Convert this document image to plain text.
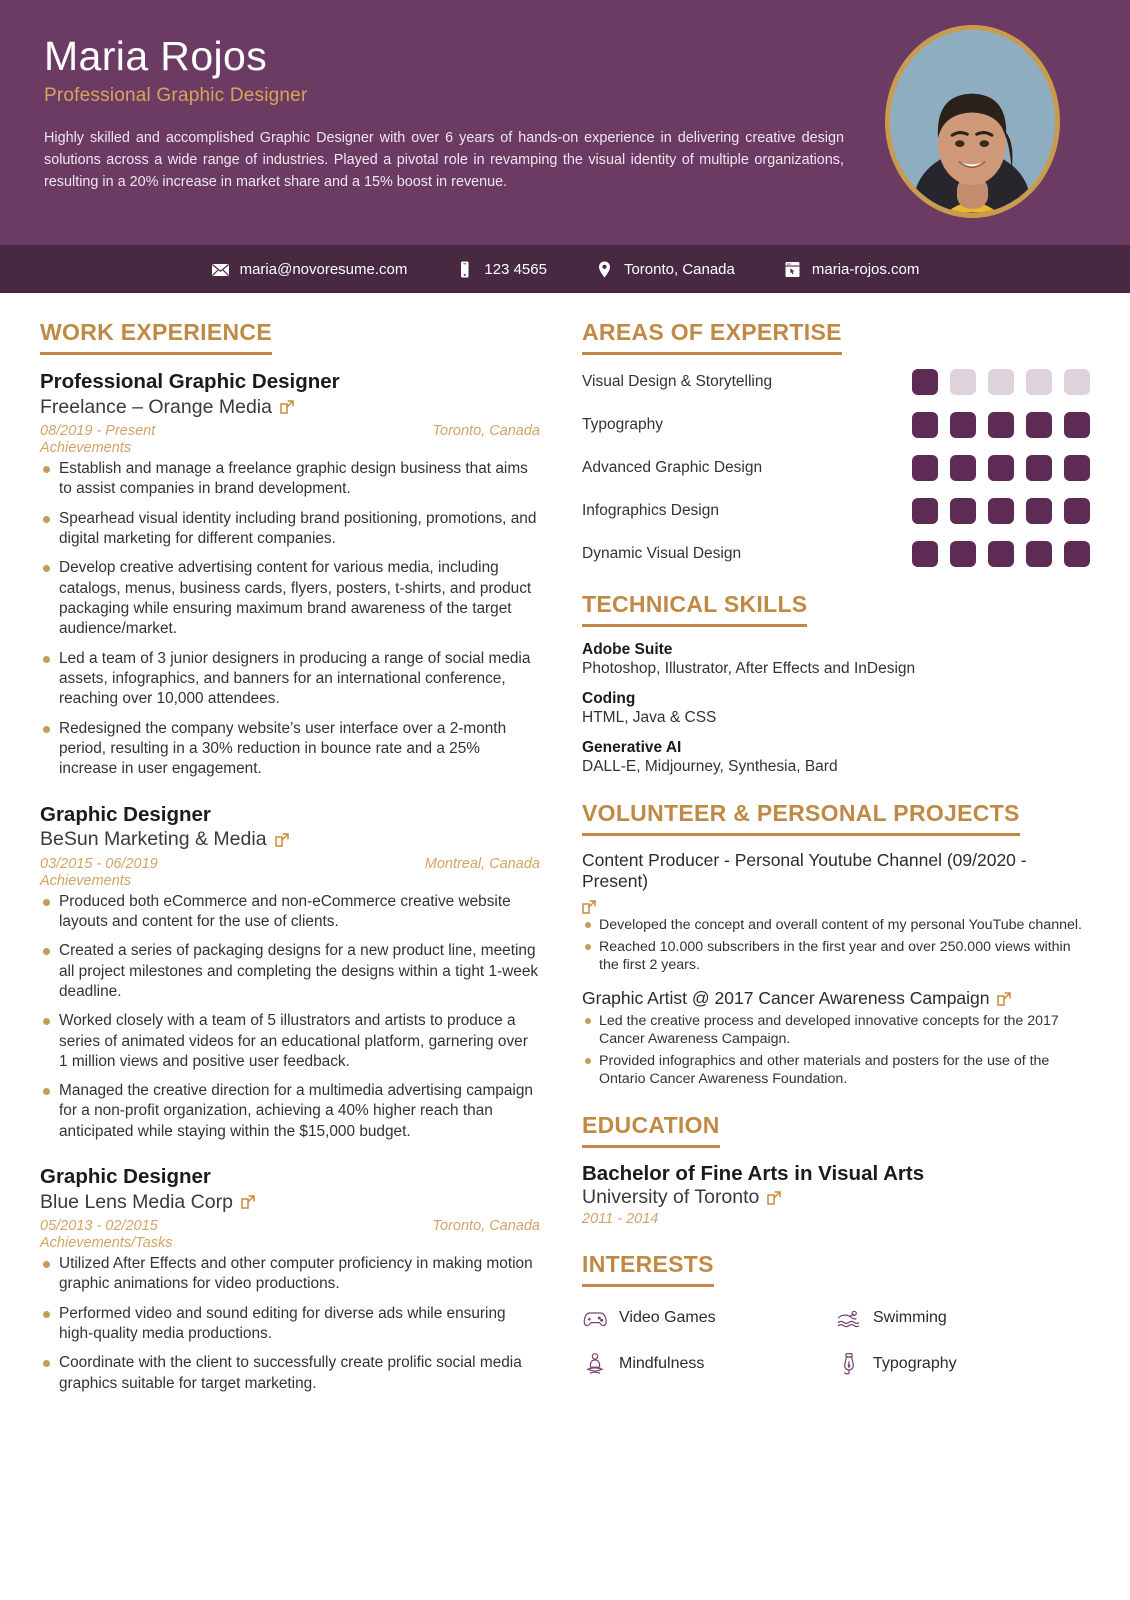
Maria Rojos
Professional Graphic Designer
Highly skilled and accomplished Graphic Designer with over 6 years of hands-on experience in delivering creative design solutions across a wide range of industries. Played a pivotal role in revamping the visual identity of multiple organizations, resulting in a 20% increase in market share and a 15% boost in revenue.
maria@novoresume.com	123 4565	Toronto, Canada	maria-rojos.com
WORK EXPERIENCE
Professional Graphic Designer
Freelance – Orange Media
08/2019 - Present	Toronto, Canada
Achievements
Establish and manage a freelance graphic design business that aims to assist companies in brand development.
Spearhead visual identity including brand positioning, promotions, and digital marketing for different companies.
Develop creative advertising content for various media, including catalogs, menus, business cards, flyers, posters, t-shirts, and product packaging while ensuring maximum brand awareness of the target audience/market.
Led a team of 3 junior designers in producing a range of social media assets, infographics, and banners for an international conference, reaching over 10,000 attendees.
Redesigned the company website’s user interface over a 2-month period, resulting in a 30% reduction in bounce rate and a 25% increase in user engagement.
Graphic Designer
BeSun Marketing & Media
03/2015 - 06/2019	Montreal, Canada
Achievements
Produced both eCommerce and non-eCommerce creative website layouts and content for the use of clients.
Created a series of packaging designs for a new product line, meeting all project milestones and completing the designs within a tight 1-week deadline.
Worked closely with a team of 5 illustrators and artists to produce a series of animated videos for an educational platform, garnering over 1 million views and positive user feedback.
Managed the creative direction for a multimedia advertising campaign for a non-profit organization, achieving a 40% higher reach than anticipated while staying within the $15,000 budget.
Graphic Designer
Blue Lens Media Corp
05/2013 - 02/2015	Toronto, Canada
Achievements/Tasks
Utilized After Effects and other computer proficiency in making motion graphic animations for video productions.
Performed video and sound editing for diverse ads while ensuring high-quality media productions.
Coordinate with the client to successfully create prolific social media graphics suitable for target marketing.
AREAS OF EXPERTISE
Visual Design & Storytelling
Typography
Advanced Graphic Design
Infographics Design
Dynamic Visual Design
TECHNICAL SKILLS
Adobe Suite
Photoshop, Illustrator, After Effects and InDesign
Coding
HTML, Java & CSS
Generative AI
DALL-E, Midjourney, Synthesia, Bard
VOLUNTEER & PERSONAL PROJECTS
Content Producer - Personal Youtube Channel (09/2020 - Present)
Developed the concept and overall content of my personal YouTube channel.
Reached 10.000 subscribers in the first year and over 250.000 views within the first 2 years.
Graphic Artist @ 2017 Cancer Awareness Campaign
Led the creative process and developed innovative concepts for the 2017 Cancer Awareness Campaign.
Provided infographics and other materials and posters for the use of the Ontario Cancer Awareness Foundation.
EDUCATION
Bachelor of Fine Arts in Visual Arts
University of Toronto
2011 - 2014
INTERESTS
Video Games	Swimming
Mindfulness	Typography
